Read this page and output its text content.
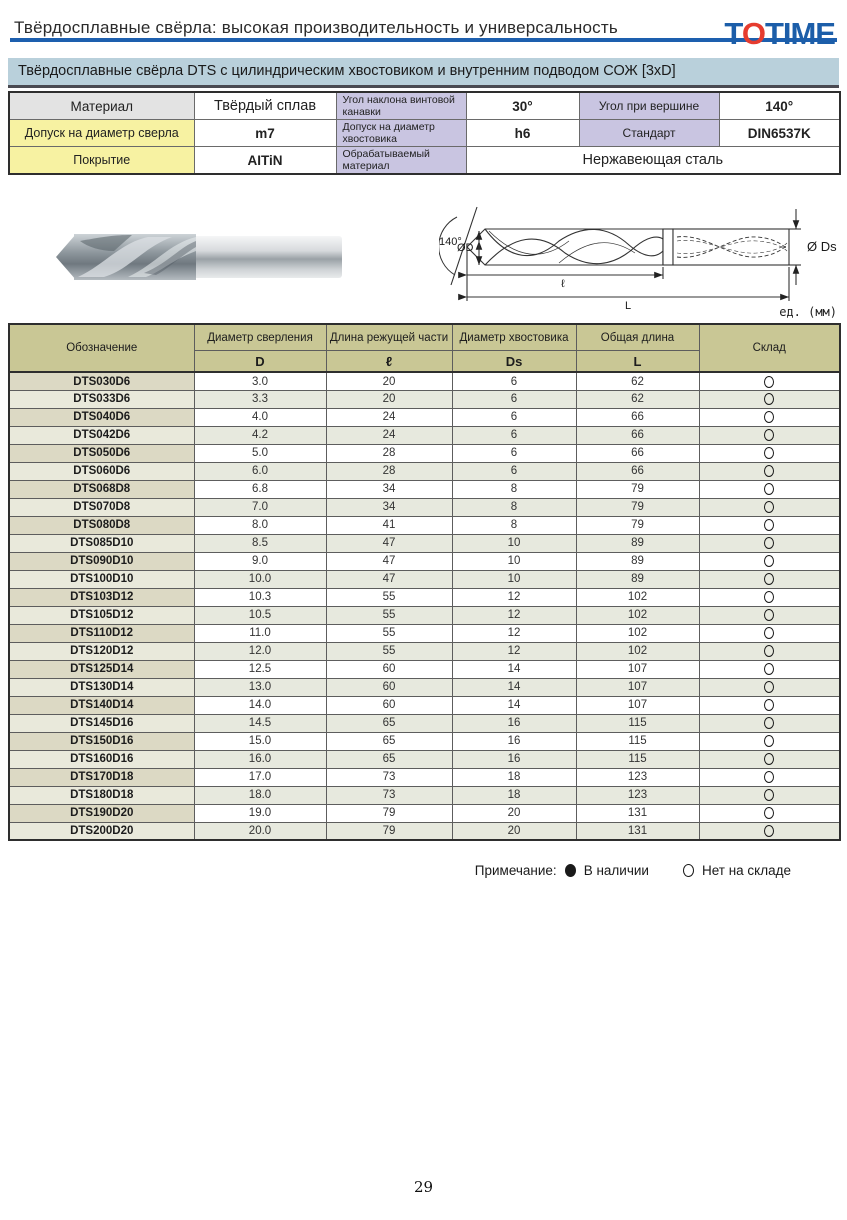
Твёрдосплавные свёрла: высокая производительность и универсальность	TOTIME
Твёрдосплавные свёрла DTS с цилиндрическим хвостовиком и внутренним подводом СОЖ [3xD]
Материал	Твёрдый сплав	Угол наклона винтовой канавки	30°	Угол при вершине	140°
Допуск на диаметр сверла	m7	Допуск на диаметр хвостовика	h6	Стандарт	DIN6537K
Покрытие	AITiN	Обрабатываемый материал	Нержавеющая сталь		
140°
ØD
ℓ
L
Ø Ds
ед. (мм)
Обозначение	Диаметр сверления	Длина режущей части	Диаметр хвостовика	Общая длина	Склад
	D	ℓ	Ds	L	
DTS030D6	3.0	20	6	62	
DTS033D6	3.3	20	6	62	
DTS040D6	4.0	24	6	66	
DTS042D6	4.2	24	6	66	
DTS050D6	5.0	28	6	66	
DTS060D6	6.0	28	6	66	
DTS068D8	6.8	34	8	79	
DTS070D8	7.0	34	8	79	
DTS080D8	8.0	41	8	79	
DTS085D10	8.5	47	10	89	
DTS090D10	9.0	47	10	89	
DTS100D10	10.0	47	10	89	
DTS103D12	10.3	55	12	102	
DTS105D12	10.5	55	12	102	
DTS110D12	11.0	55	12	102	
DTS120D12	12.0	55	12	102	
DTS125D14	12.5	60	14	107	
DTS130D14	13.0	60	14	107	
DTS140D14	14.0	60	14	107	
DTS145D16	14.5	65	16	115	
DTS150D16	15.0	65	16	115	
DTS160D16	16.0	65	16	115	
DTS170D18	17.0	73	18	123	
DTS180D18	18.0	73	18	123	
DTS190D20	19.0	79	20	131	
DTS200D20	20.0	79	20	131	
Примечание: В наличии	Нет на складе
29
